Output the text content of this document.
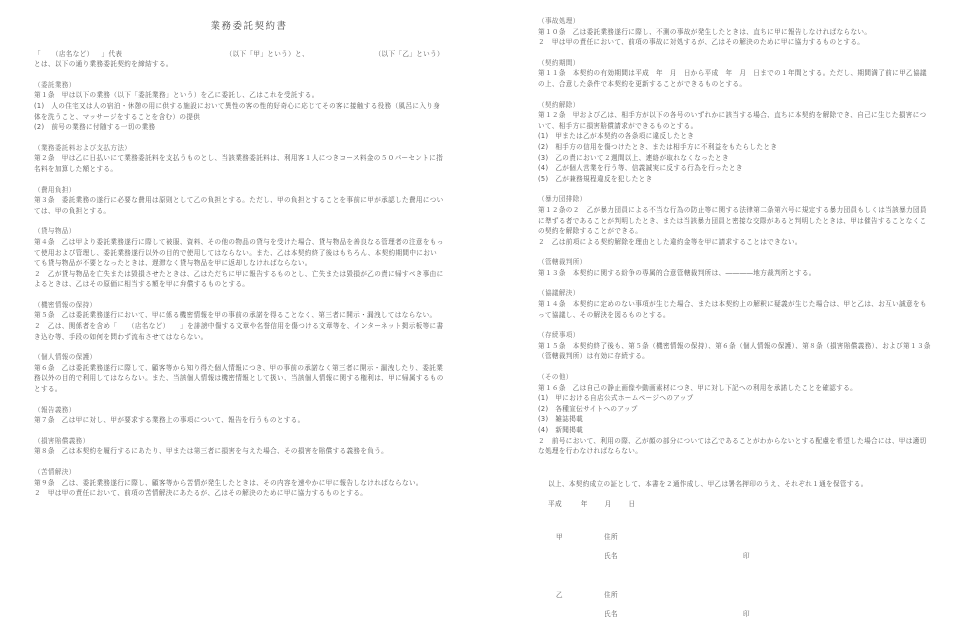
業務委託契約書
「	（店名など）	」代表	（以下「甲」という）と、	（以下「乙」という）
とは、以下の通り業務委託契約を締結する。
（委託業務）
第１条　甲は以下の業務（以下「委託業務」という）を乙に委託し、乙はこれを受託する。
(1)　人の住宅又は人の宿泊・休憩の用に供する施設において異性の客の性的好奇心に応じてその客に接触する役務（風呂に入り身体を洗うこと、マッサージをすることを含む）の提供
(2)　前号の業務に付随する一切の業務
（業務委託料および支払方法）
第２条　甲は乙に日払いにて業務委託料を支払うものとし、当該業務委託料は、利用客１人につきコース料金の５０パーセントに指名料を加算した額とする。
（費用負担）
第３条　委託業務の遂行に必要な費用は原則として乙の負担とする。ただし、甲の負担とすることを事前に甲が承認した費用については、甲の負担とする。
（貸与物品）
第４条　乙は甲より委託業務遂行に際して被服、資料、その他の物品の貸与を受けた場合、貸与物品を善良なる管理者の注意をもって使用および管理し、委託業務遂行以外の目的で使用してはならない。また、乙は本契約終了後はもちろん、本契約期間中においても貸与物品が不要となったときは、遅滞なく貸与物品を甲に返却しなければならない。
２　乙が貸与物品を亡失または毀損させたときは、乙はただちに甲に報告するものとし、亡失または毀損が乙の責に帰すべき事由によるときは、乙はその原価に相当する額を甲に弁償するものとする。
（機密情報の保持）
第５条　乙は委託業務遂行において、甲に係る機密情報を甲の事前の承諾を得ることなく、第三者に開示・漏洩してはならない。
２　乙は、関係者を含め「　　（店名など）　　」を誹謗中傷する文章や名誉信用を傷つける文章等を、インターネット掲示板等に書き込む等、手段の如何を問わず流布させてはならない。
（個人情報の保護）
第６条　乙は委託業務遂行に際して、顧客等から知り得た個人情報につき、甲の事前の承諾なく第三者に開示・漏洩したり、委託業務以外の目的で利用してはならない。また、当該個人情報は機密情報として扱い、当該個人情報に関する権利は、甲に帰属するものとする。
（報告義務）
第７条　乙は甲に対し、甲が要求する業務上の事項について、報告を行うものとする。
（損害賠償義務）
第８条　乙は本契約を履行するにあたり、甲または第三者に損害を与えた場合、その損害を賠償する義務を負う。
（苦情解決）
第９条　乙は、委託業務遂行に際し、顧客等から苦情が発生したときは、その内容を速やかに甲に報告しなければならない。
２　甲は甲の責任において、前項の苦情解決にあたるが、乙はその解決のために甲に協力するものとする。
（事故処理）
第１０条　乙は委託業務遂行に際し、不測の事故が発生したときは、直ちに甲に報告しなければならない。
２　甲は甲の責任において、前項の事故に対処するが、乙はその解決のために甲に協力するものとする。
（契約期間）
第１１条　本契約の有効期間は平成　年　月　日から平成　年　月　日までの１年間とする。ただし、期間満了前に甲乙協議の上、合意した条件で本契約を更新することができるものとする。
（契約解除）
第１２条　甲および乙は、相手方が以下の各号のいずれかに該当する場合、直ちに本契約を解除でき、自己に生じた損害について、相手方に損害賠償請求ができるものとする。
(1)　甲または乙が本契約の各条項に違反したとき
(2)　相手方の信用を傷つけたとき、または相手方に不利益をもたらしたとき
(3)　乙の責において２週間以上、連絡が取れなくなったとき
(4)　乙が個人営業を行う等、信義誠実に反する行為を行ったとき
(5)　乙が兼務規程違反を犯したとき
（暴力団排除）
第１２条の２　乙が暴力団員による不当な行為の防止等に関する法律第二条第六号に規定する暴力団員もしくは当該暴力団員に準ずる者であることが判明したとき、または当該暴力団員と密接な交際があると判明したときは、甲は催告することなくこの契約を解除することができる。
２　乙は前項による契約解除を理由とした違約金等を甲に請求することはできない。
（管轄裁判所）
第１３条　本契約に関する紛争の専属的合意管轄裁判所は、――――地方裁判所とする。
（協議解決）
第１４条　本契約に定めのない事項が生じた場合、または本契約上の解釈に疑義が生じた場合は、甲と乙は、お互い誠意をもって協議し、その解決を図るものとする。
（存続事項）
第１５条　本契約終了後も、第５条（機密情報の保持）、第６条（個人情報の保護）、第８条（損害賠償義務）、および第１３条（管轄裁判所）は有効に存続する。
（その他）
第１６条　乙は自己の静止画像や動画素材につき、甲に対し下記への利用を承諾したことを確認する。
(1)　甲における自店公式ホームページへのアップ
(2)　各種宣伝サイトへのアップ
(3)　雑誌掲載
(4)　新聞掲載
２　前号において、利用の際、乙が顔の部分については乙であることがわからないとする配慮を希望した場合には、甲は適切な処理を行わなければならない。
以上、本契約成立の証として、本書を２通作成し、甲乙は署名押印のうえ、それぞれ１通を保管する。
平成	年	月	日
甲	住所
氏名	印
乙	住所
氏名	印
